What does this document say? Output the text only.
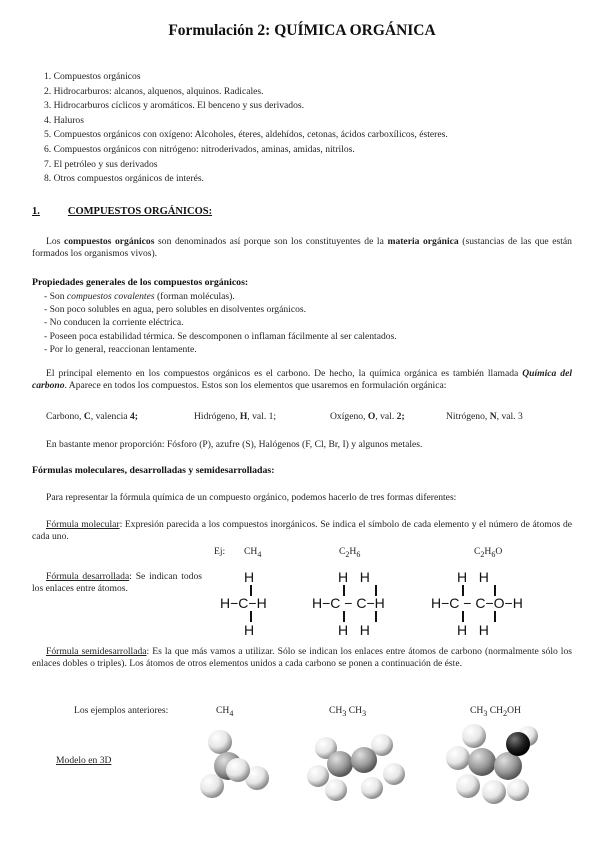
Formulación 2: QUÍMICA ORGÁNICA
1. Compuestos orgánicos
2. Hidrocarburos: alcanos, alquenos, alquinos. Radicales.
3. Hidrocarburos cíclicos y aromáticos. El benceno y sus derivados.
4. Haluros
5. Compuestos orgánicos con oxígeno: Alcoholes, éteres, aldehídos, cetonas, ácidos carboxílicos, ésteres.
6. Compuestos orgánicos con nitrógeno: nitroderivados, aminas, amidas, nitrilos.
7. El petróleo y sus derivados
8. Otros compuestos orgánicos de interés.
1.	COMPUESTOS ORGÁNICOS:
Los compuestos orgánicos son denominados así porque son los constituyentes de la materia orgánica (sustancias de las que están formados los organismos vivos).
Propiedades generales de los compuestos orgánicos:
- Son compuestos covalentes (forman moléculas).
- Son poco solubles en agua, pero solubles en disolventes orgánicos.
- No conducen la corriente eléctrica.
- Poseen poca estabilidad térmica. Se descomponen o inflaman fácilmente al ser calentados.
- Por lo general, reaccionan lentamente.
El principal elemento en los compuestos orgánicos es el carbono. De hecho, la química orgánica es también llamada Química del carbono. Aparece en todos los compuestos. Estos son los elementos que usaremos en formulación orgánica:
Carbono, C, valencia 4;	Hidrógeno, H, val. 1;	Oxígeno, O, val. 2;	Nitrógeno, N, val. 3
En bastante menor proporción: Fósforo (P), azufre (S), Halógenos (F, Cl, Br, I) y algunos metales.
Fórmulas moleculares, desarrolladas y semidesarrolladas:
Para representar la fórmula química de un compuesto orgánico, podemos hacerlo de tres formas diferentes:
Fórmula molecular: Expresión parecida a los compuestos inorgánicos. Se indica el símbolo de cada elemento y el número de átomos de cada uno.
Ej: $CH_4$	$C_2H_6$	$C_2H_6O$
Fórmula desarrollada: Se indican todos los enlaces entre átomos.
H
H−C−H
H
H   H
H−C − C−H
H   H
H   H
H−C − C−O−H
H   H
Fórmula semidesarrollada: Es la que más vamos a utilizar. Sólo se indican los enlaces entre átomos de carbono (normalmente sólo los enlaces dobles o triples). Los átomos de otros elementos unidos a cada carbono se ponen a continuación de éste.
Los ejemplos anteriores:	$CH_4$	$CH_3$ $CH_3$	$CH_3$ $CH_2OH$
Modelo en 3D
